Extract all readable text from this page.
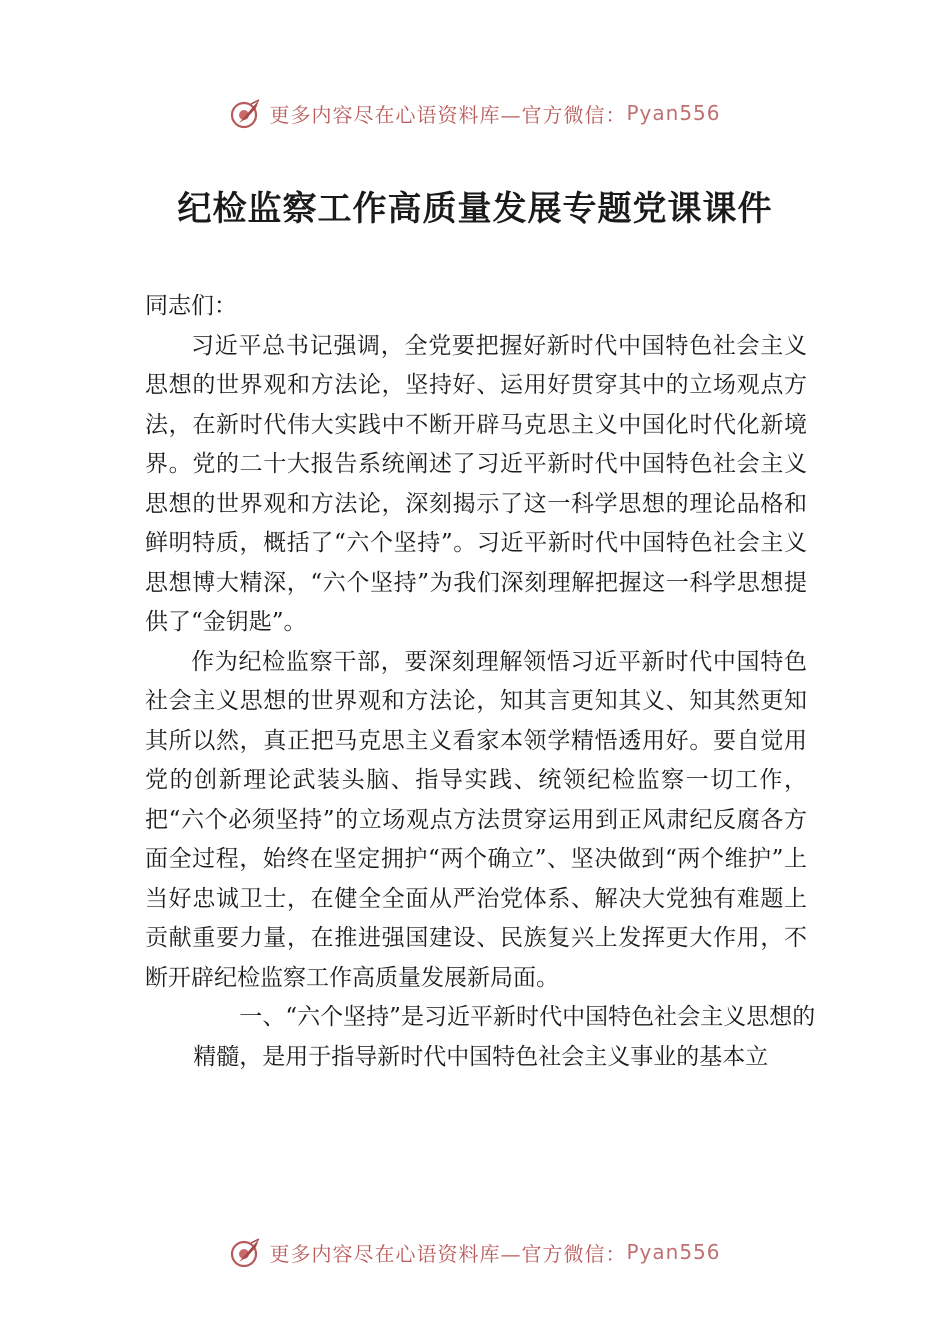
更多内容尽在心语资料库—官方微信： Pyan556
纪检监察工作高质量发展专题党课课件

同志们：

习近平总书记强调，全党要把握好新时代中国特色社会主义思想的世界观和方法论，坚持好、运用好贯穿其中的立场观点方法，在新时代伟大实践中不断开辟马克思主义中国化时代化新境界。党的二十大报告系统阐述了习近平新时代中国特色社会主义思想的世界观和方法论，深刻揭示了这一科学思想的理论品格和鲜明特质，概括了“六个坚持”。习近平新时代中国特色社会主义思想博大精深，“六个坚持”为我们深刻理解把握这一科学思想提供了“金钥匙”。

作为纪检监察干部，要深刻理解领悟习近平新时代中国特色社会主义思想的世界观和方法论，知其言更知其义、知其然更知其所以然，真正把马克思主义看家本领学精悟透用好。要自觉用党的创新理论武装头脑、指导实践、统领纪检监察一切工作，把“六个必须坚持”的立场观点方法贯穿运用到正风肃纪反腐各方面全过程，始终在坚定拥护“两个确立”、坚决做到“两个维护”上当好忠诚卫士，在健全全面从严治党体系、解决大党独有难题上贡献重要力量，在推进强国建设、民族复兴上发挥更大作用，不断开辟纪检监察工作高质量发展新局面。

一、“六个坚持”是习近平新时代中国特色社会主义思想的精髓，是用于指导新时代中国特色社会主义事业的基本立

更多内容尽在心语资料库—官方微信： Pyan556
